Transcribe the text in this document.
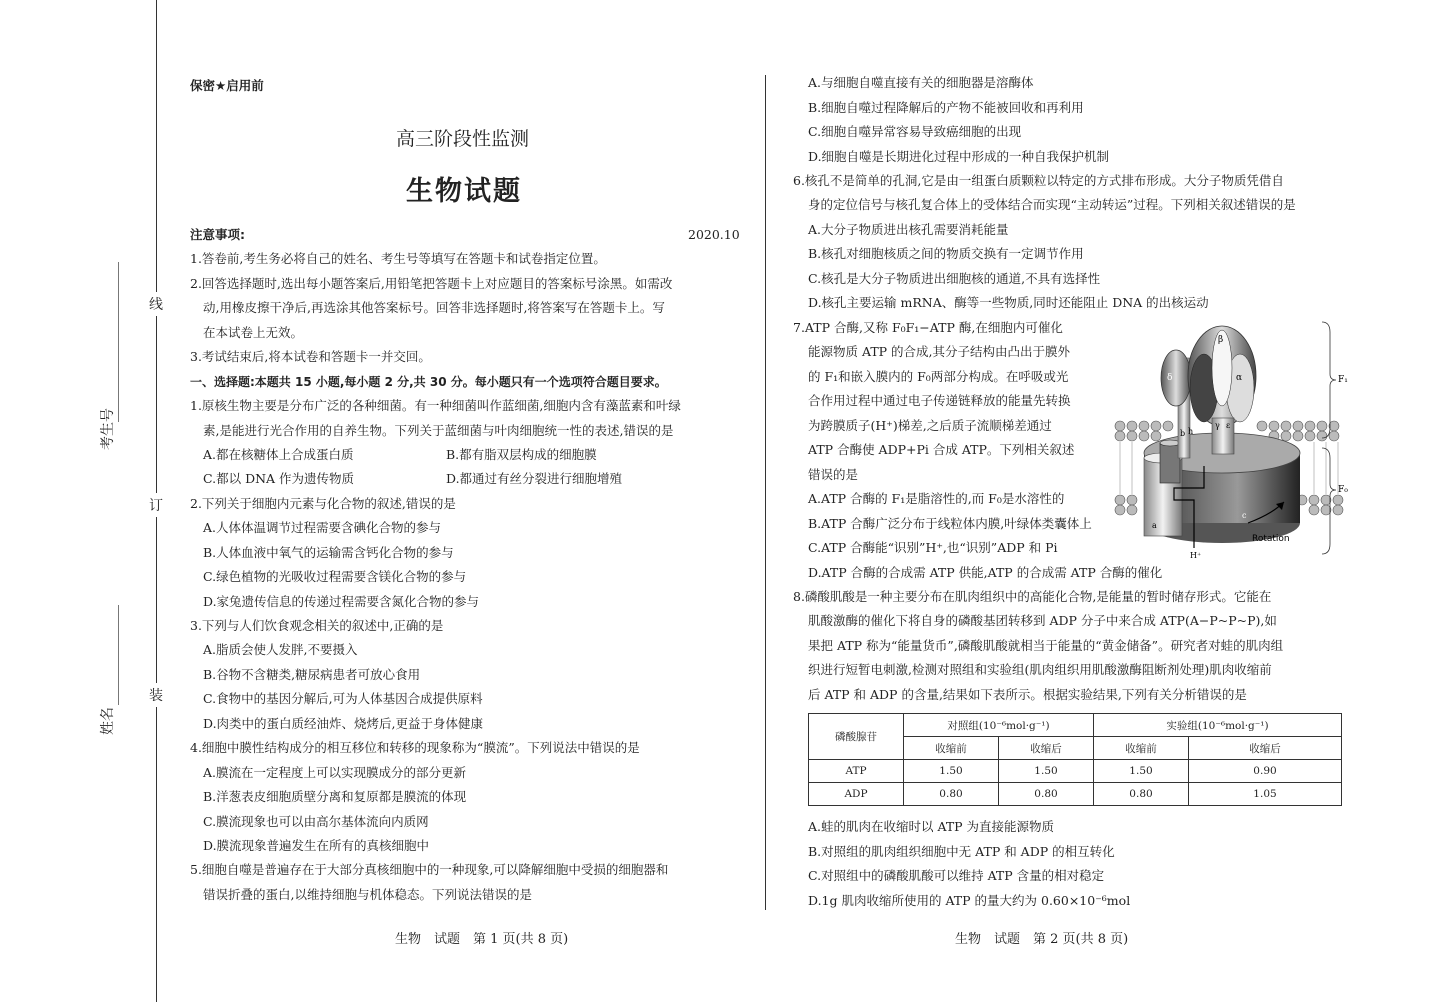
线
订
装
考生号
姓名
保密★启用前
高三阶段性监测
生物试题
注意事项:	2020.10
1.答卷前,考生务必将自己的姓名、考生号等填写在答题卡和试卷指定位置。
2.回答选择题时,选出每小题答案后,用铅笔把答题卡上对应题目的答案标号涂黑。如需改
动,用橡皮擦干净后,再选涂其他答案标号。回答非选择题时,将答案写在答题卡上。写
在本试卷上无效。
3.考试结束后,将本试卷和答题卡一并交回。
一、选择题:本题共 15 小题,每小题 2 分,共 30 分。每小题只有一个选项符合题目要求。
1.原核生物主要是分布广泛的各种细菌。有一种细菌叫作蓝细菌,细胞内含有藻蓝素和叶绿
素,是能进行光合作用的自养生物。下列关于蓝细菌与叶肉细胞统一性的表述,错误的是
A.都在核糖体上合成蛋白质	B.都有脂双层构成的细胞膜
C.都以 DNA 作为遗传物质	D.都通过有丝分裂进行细胞增殖
2.下列关于细胞内元素与化合物的叙述,错误的是
A.人体体温调节过程需要含碘化合物的参与
B.人体血液中氧气的运输需含钙化合物的参与
C.绿色植物的光吸收过程需要含镁化合物的参与
D.家兔遗传信息的传递过程需要含氮化合物的参与
3.下列与人们饮食观念相关的叙述中,正确的是
A.脂质会使人发胖,不要摄入
B.谷物不含糖类,糖尿病患者可放心食用
C.食物中的基因分解后,可为人体基因合成提供原料
D.肉类中的蛋白质经油炸、烧烤后,更益于身体健康
4.细胞中膜性结构成分的相互移位和转移的现象称为“膜流”。下列说法中错误的是
A.膜流在一定程度上可以实现膜成分的部分更新
B.洋葱表皮细胞质壁分离和复原都是膜流的体现
C.膜流现象也可以由高尔基体流向内质网
D.膜流现象普遍发生在所有的真核细胞中
5.细胞自噬是普遍存在于大部分真核细胞中的一种现象,可以降解细胞中受损的细胞器和
错误折叠的蛋白,以维持细胞与机体稳态。下列说法错误的是
生物　试题　第 1 页(共 8 页)
A.与细胞自噬直接有关的细胞器是溶酶体
B.细胞自噬过程降解后的产物不能被回收和再利用
C.细胞自噬异常容易导致癌细胞的出现
D.细胞自噬是长期进化过程中形成的一种自我保护机制
6.核孔不是简单的孔洞,它是由一组蛋白质颗粒以特定的方式排布形成。大分子物质凭借自
身的定位信号与核孔复合体上的受体结合而实现“主动转运”过程。下列相关叙述错误的是
A.大分子物质进出核孔需要消耗能量
B.核孔对细胞核质之间的物质交换有一定调节作用
C.核孔是大分子物质进出细胞核的通道,不具有选择性
D.核孔主要运输 mRNA、酶等一些物质,同时还能阻止 DNA 的出核运动
7.ATP 合酶,又称 F₀F₁−ATP 酶,在细胞内可催化
能源物质 ATP 的合成,其分子结构由凸出于膜外
的 F₁和嵌入膜内的 F₀两部分构成。在呼吸或光
合作用过程中通过电子传递链释放的能量先转换
为跨膜质子(H⁺)梯差,之后质子流顺梯差通过
ATP 合酶使 ADP+Pi 合成 ATP。下列相关叙述
错误的是
A.ATP 合酶的 F₁是脂溶性的,而 F₀是水溶性的
B.ATP 合酶广泛分布于线粒体内膜,叶绿体类囊体上
C.ATP 合酶能“识别”H⁺,也“识别”ADP 和 Pi
D.ATP 合酶的合成需 ATP 供能,ATP 的合成需 ATP 合酶的催化
δ
β
α
γ ε
b h
a
c
F₁
F₀
Rotation
H⁺
8.磷酸肌酸是一种主要分布在肌肉组织中的高能化合物,是能量的暂时储存形式。它能在
肌酸激酶的催化下将自身的磷酸基团转移到 ADP 分子中来合成 ATP(A−P~P~P),如
果把 ATP 称为“能量货币”,磷酸肌酸就相当于能量的“黄金储备”。研究者对蛙的肌肉组
织进行短暂电刺激,检测对照组和实验组(肌肉组织用肌酸激酶阻断剂处理)肌肉收缩前
后 ATP 和 ADP 的含量,结果如下表所示。根据实验结果,下列有关分析错误的是
磷酸腺苷	对照组(10⁻⁶mol·g⁻¹)		实验组(10⁻⁶mol·g⁻¹)	
	收缩前	收缩后	收缩前	收缩后
ATP	1.50	1.50	1.50	0.90
ADP	0.80	0.80	0.80	1.05
A.蛙的肌肉在收缩时以 ATP 为直接能源物质
B.对照组的肌肉组织细胞中无 ATP 和 ADP 的相互转化
C.对照组中的磷酸肌酸可以维持 ATP 含量的相对稳定
D.1g 肌肉收缩所使用的 ATP 的量大约为 0.60×10⁻⁶mol
生物　试题　第 2 页(共 8 页)
